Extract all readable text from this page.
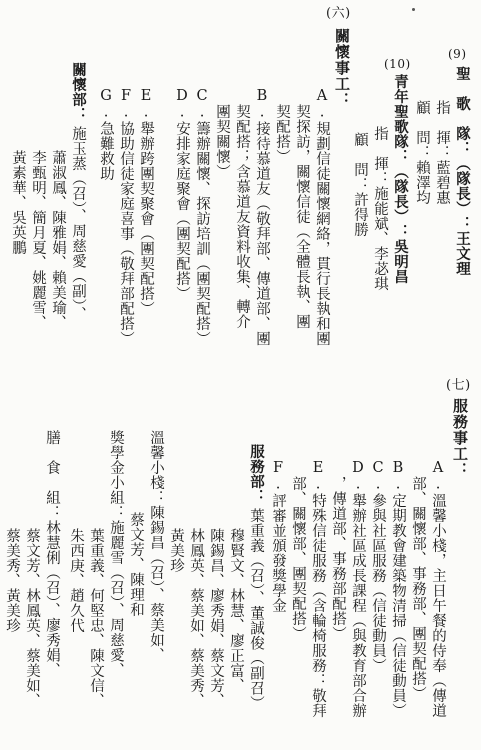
(六)
關懷事工：
A.規劃信徒關懷網絡，貫行長執和團
契探訪，關懷信徒（全體長執、團
契配搭）
B.接待慕道友（敬拜部、傳道部、團
契配搭；含慕道友資料收集、轉介
團契關懷）
C.籌辦關懷、探訪培訓（團契配搭）
D.安排家庭聚會（團契配搭）
E.舉辦跨團契聚會（團契配搭）
F.協助信徒家庭喜事（敬拜部配搭）
G.急難救助
關懷部：
施玉蒸（召）、周慈愛（副）、
蕭淑鳳、陳雅娟、賴美瑜、
李甄明、簡月夏、姚麗雪、
黃素華、吳英鵬
(9)
聖　歌　隊：（隊長）：王文理
指　揮：藍碧惠
顧　問：賴澤均
(10)
青年聖歌隊：（隊長）：吳明昌
指　揮：施能斌、李苾琪
顧　問：許得勝
(七)
服務事工：
A.溫馨小棧，主日午餐的侍奉（傳道
部、關懷部、事務部、團契配搭）
B.定期教會建築物清掃（信徒動員）
C.參與社區服務（信徒動員）
D.舉辦社區成長課程（與教育部合辦
，傳道部、事務部配搭）
E.特殊信徒服務（含輪椅服務：敬拜
部、關懷部、團契配搭）
F.評審並頒發獎學金
服務部：
葉重義（召）、董誠俊（副召）
穆賢文、林慧、廖正富、
陳錫昌、廖秀娟、蔡文芳、
林鳳英、蔡美如、蔡美秀、
黃美珍
溫馨小棧：陳錫昌（召）、蔡美如、
蔡文芳、陳理和
獎學金小組：施麗雪（召）、周慈愛、
葉重義、何堅忠、陳文信、
朱西庚、趙久代
膳　食　組：林慧俐（召）、廖秀娟、
蔡文芳、林鳳英、蔡美如、
蔡美秀、黃美珍
